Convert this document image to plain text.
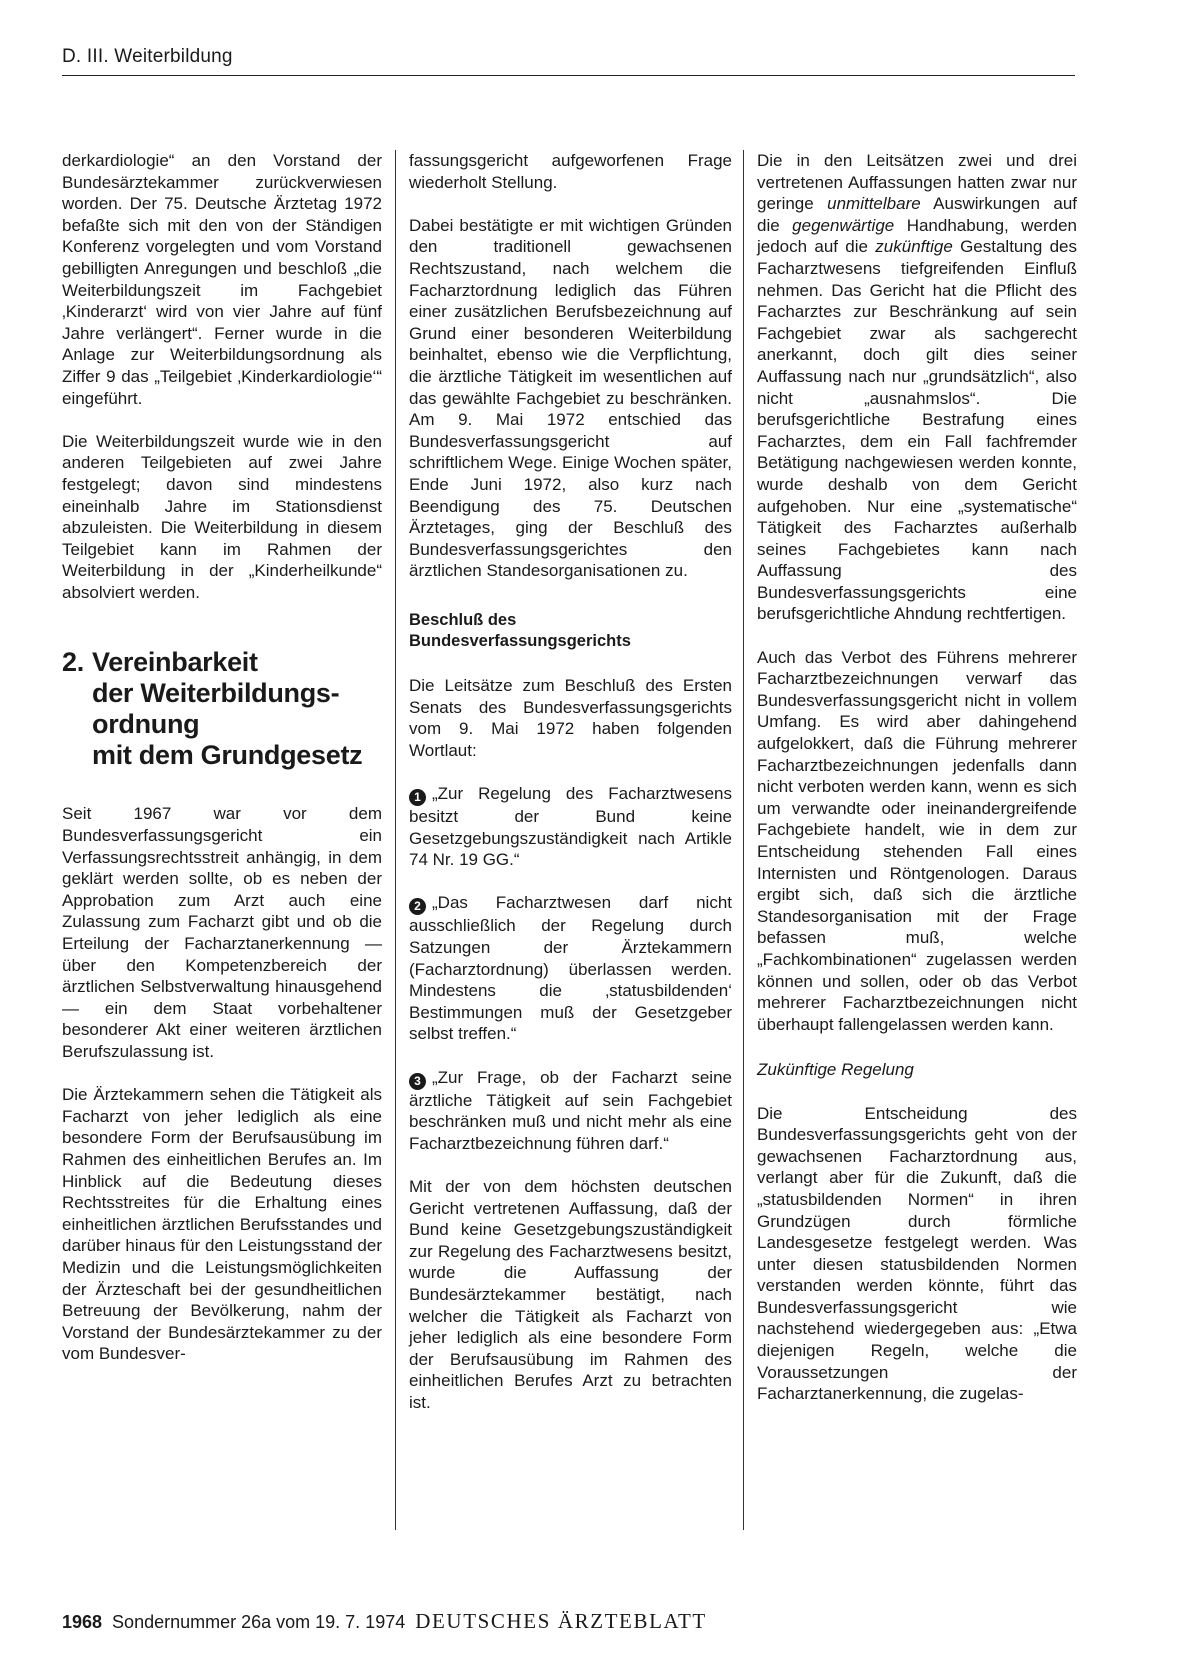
D. III. Weiterbildung

derkardiologie“ an den Vorstand der Bundesärztekammer zurückverwiesen worden. Der 75. Deutsche Ärztetag 1972 befaßte sich mit den von der Ständigen Konferenz vorgelegten und vom Vorstand gebilligten Anregungen und beschloß „die Weiterbildungszeit im Fachgebiet ‚Kinderarzt‘ wird von vier Jahre auf fünf Jahre verlängert“. Ferner wurde in die Anlage zur Weiterbildungsordnung als Ziffer 9 das „Teilgebiet ‚Kinderkardiologie‘“ eingeführt.

Die Weiterbildungszeit wurde wie in den anderen Teilgebieten auf zwei Jahre festgelegt; davon sind mindestens eineinhalb Jahre im Stationsdienst abzuleisten. Die Weiterbildung in diesem Teilgebiet kann im Rahmen der Weiterbildung in der „Kinderheilkunde“ absolviert werden.

2. Vereinbarkeit
der Weiterbildungs-
ordnung
mit dem Grundgesetz

Seit 1967 war vor dem Bundesverfassungsgericht ein Verfassungsrechtsstreit anhängig, in dem geklärt werden sollte, ob es neben der Approbation zum Arzt auch eine Zulassung zum Facharzt gibt und ob die Erteilung der Facharztanerkennung — über den Kompetenzbereich der ärztlichen Selbstverwaltung hinausgehend — ein dem Staat vorbehaltener besonderer Akt einer weiteren ärztlichen Berufszulassung ist.

Die Ärztekammern sehen die Tätigkeit als Facharzt von jeher lediglich als eine besondere Form der Berufsausübung im Rahmen des einheitlichen Berufes an. Im Hinblick auf die Bedeutung dieses Rechtsstreites für die Erhaltung eines einheitlichen ärztlichen Berufsstandes und darüber hinaus für den Leistungsstand der Medizin und die Leistungsmöglichkeiten der Ärzteschaft bei der gesundheitlichen Betreuung der Bevölkerung, nahm der Vorstand der Bundesärztekammer zu der vom Bundesver-

fassungsgericht aufgeworfenen Frage wiederholt Stellung.

Dabei bestätigte er mit wichtigen Gründen den traditionell gewachsenen Rechtszustand, nach welchem die Facharztordnung lediglich das Führen einer zusätzlichen Berufsbezeichnung auf Grund einer besonderen Weiterbildung beinhaltet, ebenso wie die Verpflichtung, die ärztliche Tätigkeit im wesentlichen auf das gewählte Fachgebiet zu beschränken. Am 9. Mai 1972 entschied das Bundesverfassungsgericht auf schriftlichem Wege. Einige Wochen später, Ende Juni 1972, also kurz nach Beendigung des 75. Deutschen Ärztetages, ging der Beschluß des Bundesverfassungsgerichtes den ärztlichen Standesorganisationen zu.

Beschluß des
Bundesverfassungsgerichts

Die Leitsätze zum Beschluß des Ersten Senats des Bundesverfassungsgerichts vom 9. Mai 1972 haben folgenden Wortlaut:

1 „Zur Regelung des Facharztwesens besitzt der Bund keine Gesetzgebungszuständigkeit nach Artikle 74 Nr. 19 GG.“

2 „Das Facharztwesen darf nicht ausschließlich der Regelung durch Satzungen der Ärztekammern (Facharztordnung) überlassen werden. Mindestens die ‚statusbildenden‘ Bestimmungen muß der Gesetzgeber selbst treffen.“

3 „Zur Frage, ob der Facharzt seine ärztliche Tätigkeit auf sein Fachgebiet beschränken muß und nicht mehr als eine Facharztbezeichnung führen darf.“

Mit der von dem höchsten deutschen Gericht vertretenen Auffassung, daß der Bund keine Gesetzgebungszuständigkeit zur Regelung des Facharztwesens besitzt, wurde die Auffassung der Bundesärztekammer bestätigt, nach welcher die Tätigkeit als Facharzt von jeher lediglich als eine besondere Form der Berufsausübung im Rahmen des einheitlichen Berufes Arzt zu betrachten ist.

Die in den Leitsätzen zwei und drei vertretenen Auffassungen hatten zwar nur geringe unmittelbare Auswirkungen auf die gegenwärtige Handhabung, werden jedoch auf die zukünftige Gestaltung des Facharztwesens tiefgreifenden Einfluß nehmen. Das Gericht hat die Pflicht des Facharztes zur Beschränkung auf sein Fachgebiet zwar als sachgerecht anerkannt, doch gilt dies seiner Auffassung nach nur „grundsätzlich“, also nicht „ausnahmslos“. Die berufsgerichtliche Bestrafung eines Facharztes, dem ein Fall fachfremder Betätigung nachgewiesen werden konnte, wurde deshalb von dem Gericht aufgehoben. Nur eine „systematische“ Tätigkeit des Facharztes außerhalb seines Fachgebietes kann nach Auffassung des Bundesverfassungsgerichts eine berufsgerichtliche Ahndung rechtfertigen.

Auch das Verbot des Führens mehrerer Facharztbezeichnungen verwarf das Bundesverfassungsgericht nicht in vollem Umfang. Es wird aber dahingehend aufgelokkert, daß die Führung mehrerer Facharztbezeichnungen jedenfalls dann nicht verboten werden kann, wenn es sich um verwandte oder ineinandergreifende Fachgebiete handelt, wie in dem zur Entscheidung stehenden Fall eines Internisten und Röntgenologen. Daraus ergibt sich, daß sich die ärztliche Standesorganisation mit der Frage befassen muß, welche „Fachkombinationen“ zugelassen werden können und sollen, oder ob das Verbot mehrerer Facharztbezeichnungen nicht überhaupt fallengelassen werden kann.

Zukünftige Regelung

Die Entscheidung des Bundesverfassungsgerichts geht von der gewachsenen Facharztordnung aus, verlangt aber für die Zukunft, daß die „statusbildenden Normen“ in ihren Grundzügen durch förmliche Landesgesetze festgelegt werden. Was unter diesen statusbildenden Normen verstanden werden könnte, führt das Bundesverfassungsgericht wie nachstehend wiedergegeben aus: „Etwa diejenigen Regeln, welche die Voraussetzungen der Facharztanerkennung, die zugelas-

1968 Sondernummer 26a vom 19. 7. 1974 DEUTSCHES ÄRZTEBLATT
